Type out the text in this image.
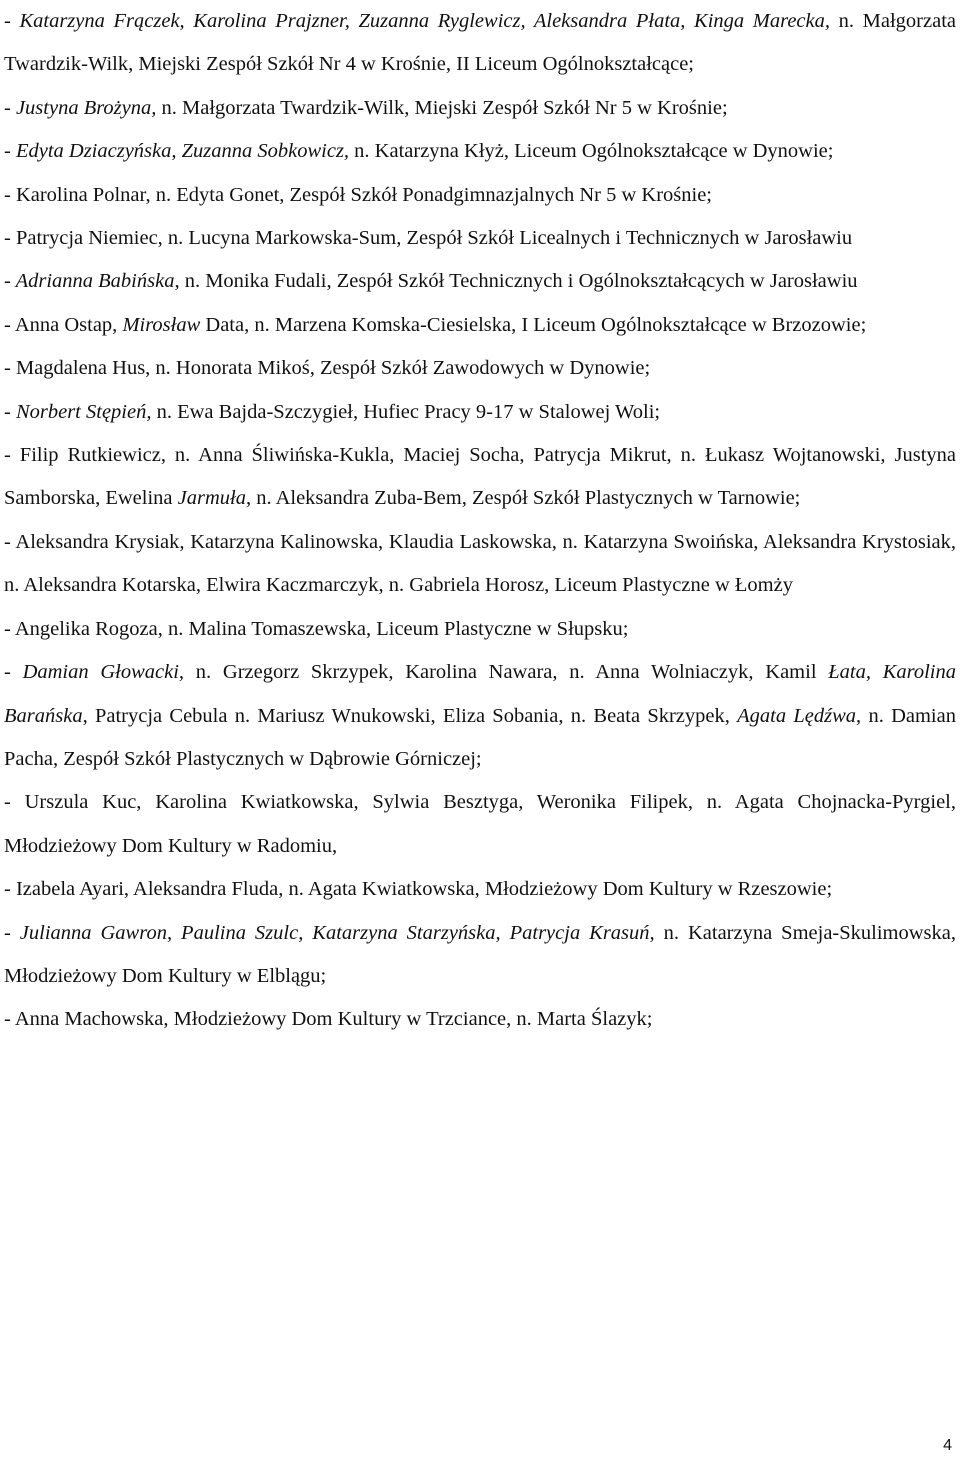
- Katarzyna Frączek, Karolina Prajzner, Zuzanna Ryglewicz, Aleksandra Płata, Kinga Marecka, n. Małgorzata Twardzik-Wilk, Miejski Zespół Szkół Nr 4 w Krośnie, II Liceum Ogólnokształcące;

- Justyna Brożyna, n. Małgorzata Twardzik-Wilk, Miejski Zespół Szkół Nr 5 w Krośnie;

- Edyta Dziaczyńska, Zuzanna Sobkowicz, n. Katarzyna Kłyż, Liceum Ogólnokształcące w Dynowie;

- Karolina Polnar, n. Edyta Gonet, Zespół Szkół Ponadgimnazjalnych Nr 5 w Krośnie;

- Patrycja Niemiec, n. Lucyna Markowska-Sum, Zespół Szkół Licealnych i Technicznych w Jarosławiu

- Adrianna Babińska, n. Monika Fudali, Zespół Szkół Technicznych i Ogólnokształcących w Jarosławiu

- Anna Ostap, Mirosław Data, n. Marzena Komska-Ciesielska, I Liceum Ogólnokształcące w Brzozowie;

- Magdalena Hus, n. Honorata Mikoś, Zespół Szkół Zawodowych w Dynowie;

- Norbert Stępień, n. Ewa Bajda-Szczygieł, Hufiec Pracy 9-17 w Stalowej Woli;

- Filip Rutkiewicz, n. Anna Śliwińska-Kukla, Maciej Socha, Patrycja Mikrut, n. Łukasz Wojtanowski, Justyna Samborska, Ewelina Jarmuła, n. Aleksandra Zuba-Bem, Zespół Szkół Plastycznych w Tarnowie;

- Aleksandra Krysiak, Katarzyna Kalinowska, Klaudia Laskowska, n. Katarzyna Swoińska, Aleksandra Krystosiak, n. Aleksandra Kotarska, Elwira Kaczmarczyk, n. Gabriela Horosz, Liceum Plastyczne w Łomży

- Angelika Rogoza, n. Malina Tomaszewska, Liceum Plastyczne w Słupsku;

- Damian Głowacki, n. Grzegorz Skrzypek, Karolina Nawara, n. Anna Wolniaczyk, Kamil Łata, Karolina Barańska, Patrycja Cebula n. Mariusz Wnukowski, Eliza Sobania, n. Beata Skrzypek, Agata Lędźwa, n. Damian Pacha, Zespół Szkół Plastycznych w Dąbrowie Górniczej;

- Urszula Kuc, Karolina Kwiatkowska, Sylwia Besztyga, Weronika Filipek, n. Agata Chojnacka-Pyrgiel, Młodzieżowy Dom Kultury w Radomiu,

- Izabela Ayari, Aleksandra Fluda, n. Agata Kwiatkowska, Młodzieżowy Dom Kultury w Rzeszowie;

- Julianna Gawron, Paulina Szulc, Katarzyna Starzyńska, Patrycja Krasuń, n. Katarzyna Smeja-Skulimowska, Młodzieżowy Dom Kultury w Elblągu;

- Anna Machowska, Młodzieżowy Dom Kultury w Trzciance, n. Marta Ślazyk;

4
